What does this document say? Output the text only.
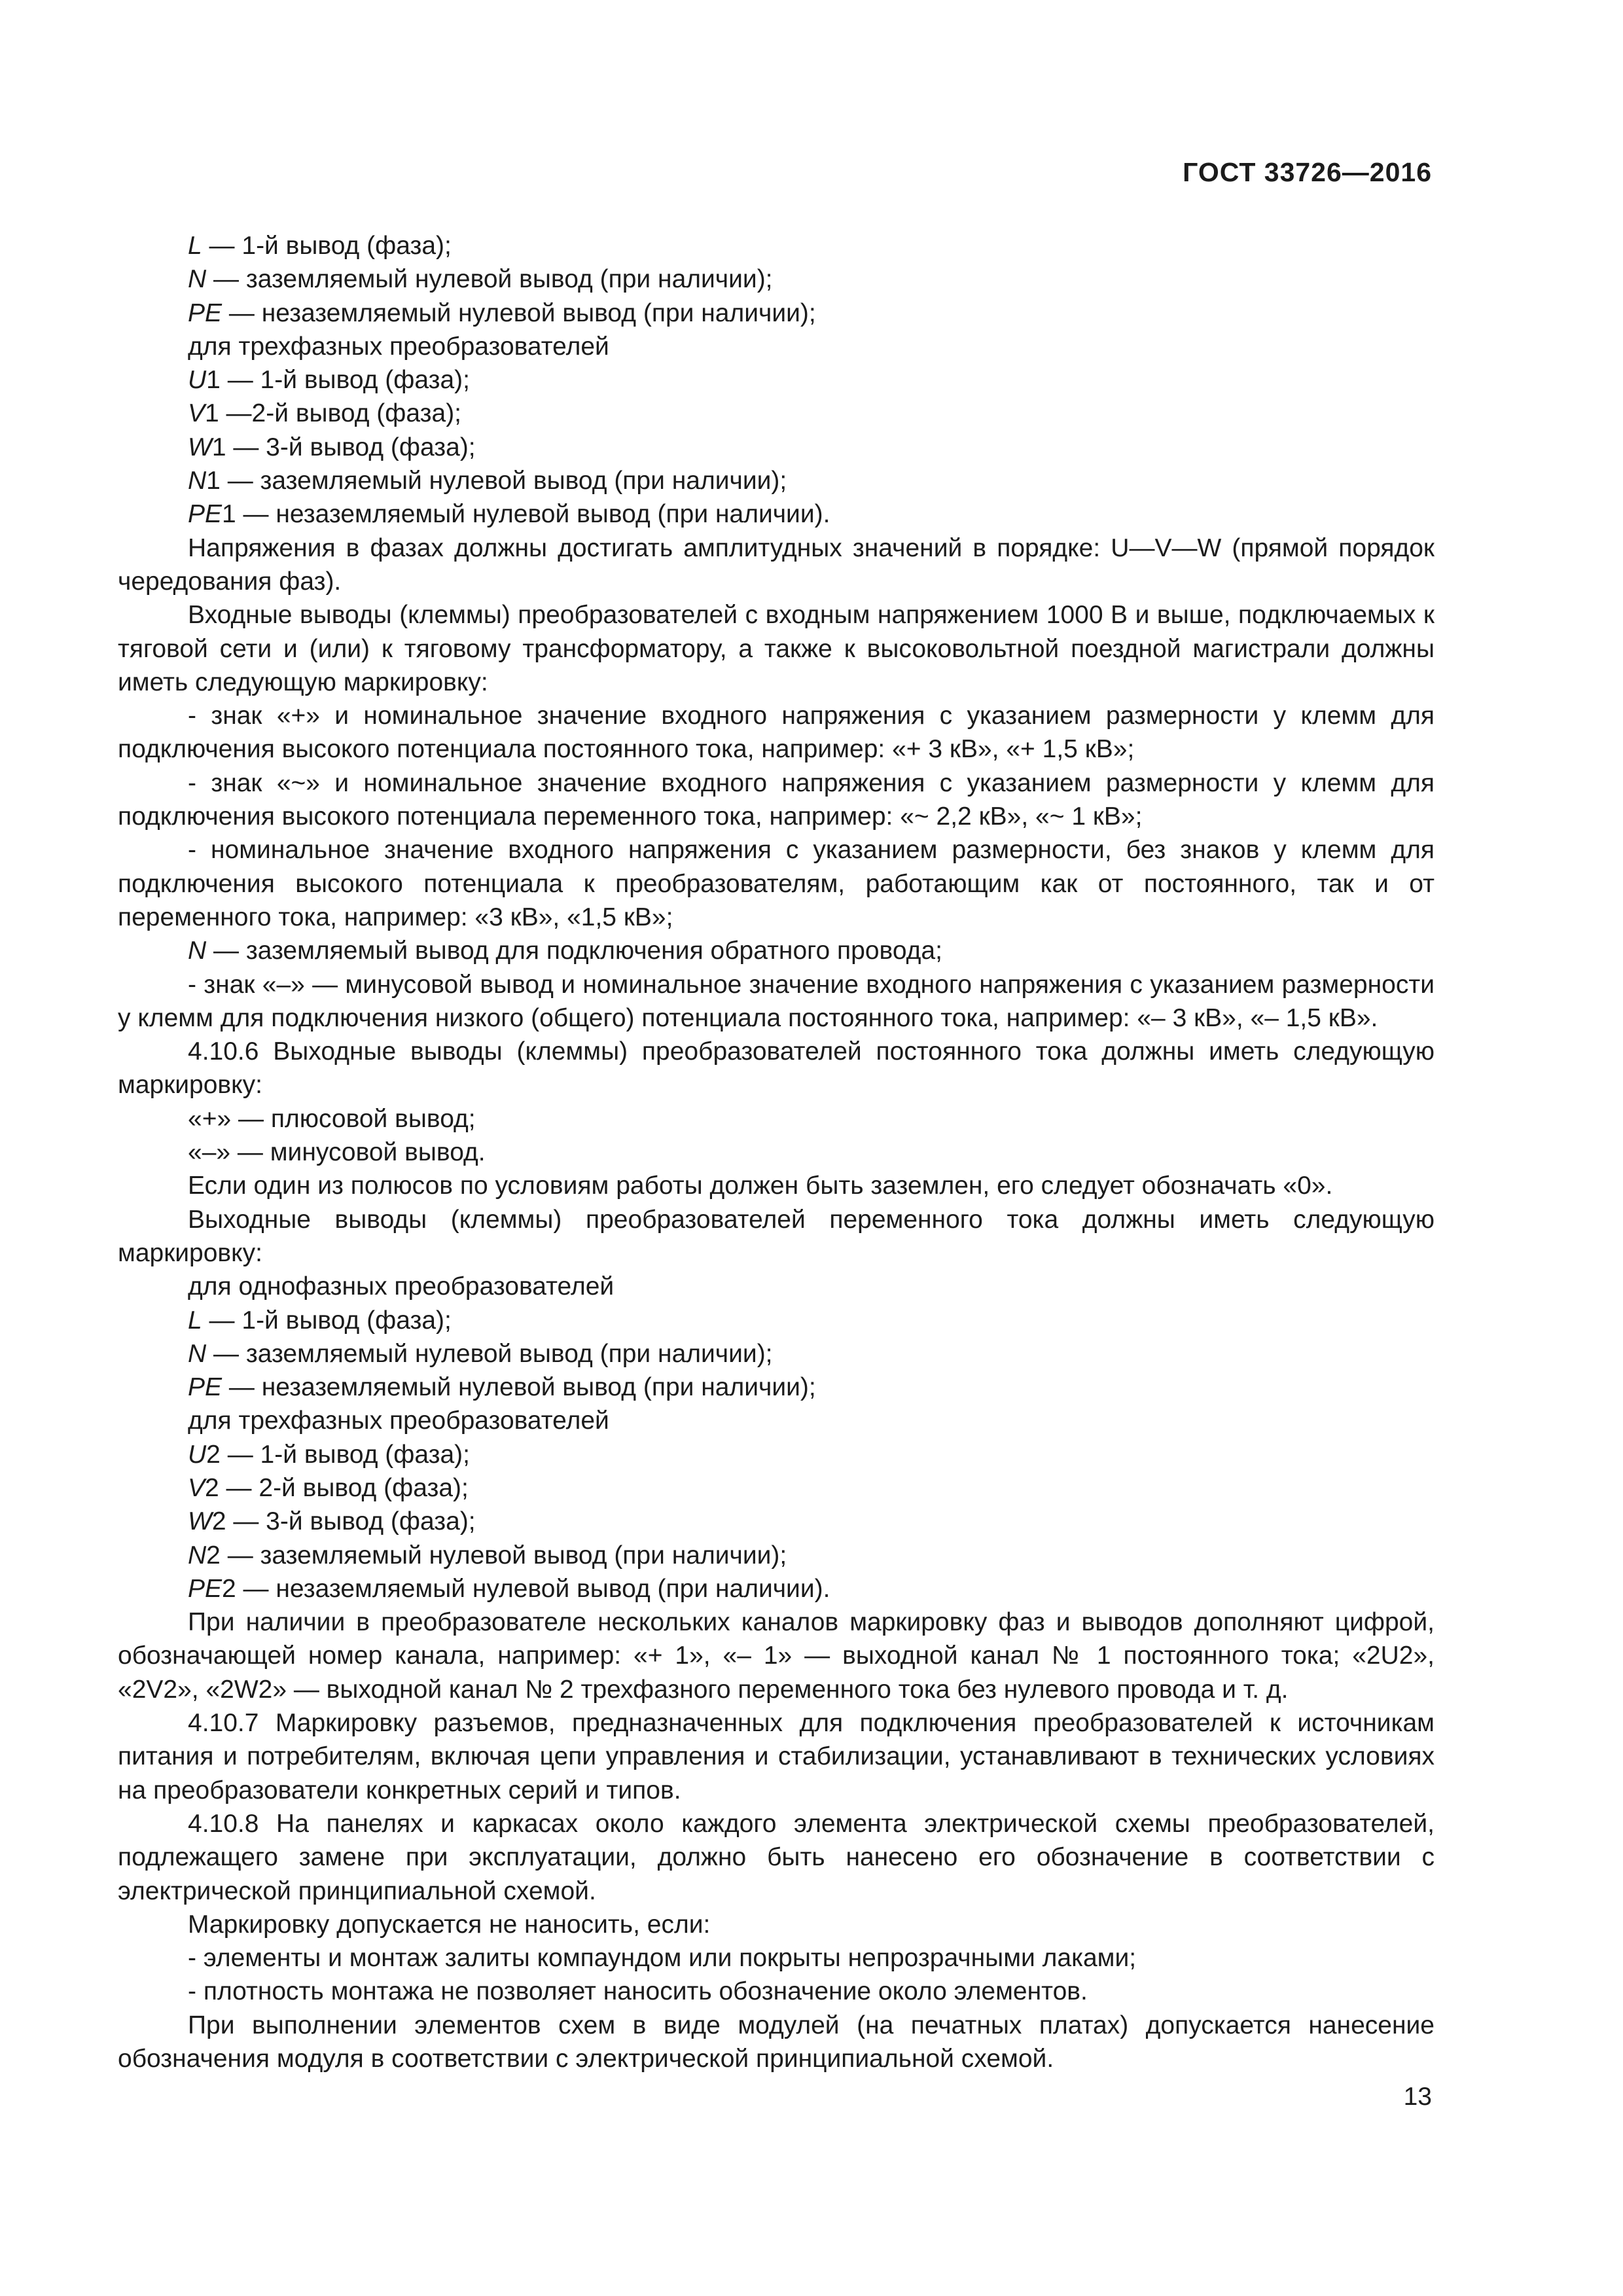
ГОСТ 33726—2016

L — 1-й вывод (фаза);

N — заземляемый нулевой вывод (при наличии);

PE — незаземляемый нулевой вывод (при наличии);

для трехфазных преобразователей

U1 — 1-й вывод (фаза);

V1 —2-й вывод (фаза);

W1 — 3-й вывод (фаза);

N1 — заземляемый нулевой вывод (при наличии);

PE1 — незаземляемый нулевой вывод (при наличии).

Напряжения в фазах должны достигать амплитудных значений в порядке: U—V—W (прямой порядок чередования фаз).

Входные выводы (клеммы) преобразователей с входным напряжением 1000 В и выше, подключаемых к тяговой сети и (или) к тяговому трансформатору, а также к высоковольтной поездной магистрали должны иметь следующую маркировку:

- знак «+» и номинальное значение входного напряжения с указанием размерности у клемм для подключения высокого потенциала постоянного тока, например: «+ 3 кВ», «+ 1,5 кВ»;

- знак «~» и номинальное значение входного напряжения с указанием размерности у клемм для подключения высокого потенциала переменного тока, например: «~ 2,2 кВ», «~ 1 кВ»;

- номинальное значение входного напряжения с указанием размерности, без знаков у клемм для подключения высокого потенциала к преобразователям, работающим как от постоянного, так и от переменного тока, например: «3 кВ», «1,5 кВ»;

N — заземляемый вывод для подключения обратного провода;

- знак «–» — минусовой вывод и номинальное значение входного напряжения с указанием размерности у клемм для подключения низкого (общего) потенциала постоянного тока, например: «– 3 кВ», «– 1,5 кВ».

4.10.6 Выходные выводы (клеммы) преобразователей постоянного тока должны иметь следующую маркировку:

«+» — плюсовой вывод;

«–» — минусовой вывод.

Если один из полюсов по условиям работы должен быть заземлен, его следует обозначать «0».

Выходные выводы (клеммы) преобразователей переменного тока должны иметь следующую маркировку:

для однофазных преобразователей

L — 1-й вывод (фаза);

N — заземляемый нулевой вывод (при наличии);

PE — незаземляемый нулевой вывод (при наличии);

для трехфазных преобразователей

U2 — 1-й вывод (фаза);

V2 — 2-й вывод (фаза);

W2 — 3-й вывод (фаза);

N2 — заземляемый нулевой вывод (при наличии);

PE2 — незаземляемый нулевой вывод (при наличии).

При наличии в преобразователе нескольких каналов маркировку фаз и выводов дополняют цифрой, обозначающей номер канала, например: «+ 1», «– 1» — выходной канал № 1 постоянного тока; «2U2», «2V2», «2W2» — выходной канал № 2 трехфазного переменного тока без нулевого провода и т. д.

4.10.7 Маркировку разъемов, предназначенных для подключения преобразователей к источникам питания и потребителям, включая цепи управления и стабилизации, устанавливают в технических условиях на преобразователи конкретных серий и типов.

4.10.8 На панелях и каркасах около каждого элемента электрической схемы преобразователей, подлежащего замене при эксплуатации, должно быть нанесено его обозначение в соответствии с электрической принципиальной схемой.

Маркировку допускается не наносить, если:

- элементы и монтаж залиты компаундом или покрыты непрозрачными лаками;

- плотность монтажа не позволяет наносить обозначение около элементов.

При выполнении элементов схем в виде модулей (на печатных платах) допускается нанесение обозначения модуля в соответствии с электрической принципиальной схемой.

13
